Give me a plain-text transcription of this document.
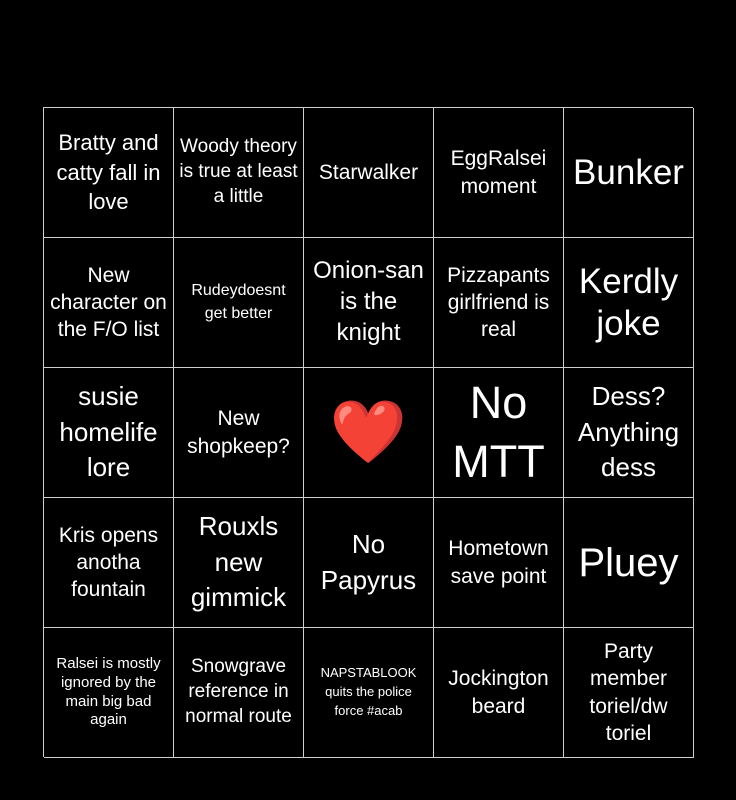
Bratty and catty fall in love
Woody theory is true at least a little
Starwalker
EggRalsei moment	Bunker
New character on the F/O list
Rudeydoesnt get better
Onion-san is the knight
Pizzapants girlfriend is real
Kerdly joke
susie homelife lore
New shopkeep? ❤️	No MTT
Dess? Anything dess
Kris opens anotha fountain
Rouxls new gimmick
No Papyrus
Hometown save point Pluey
Ralsei is mostly ignored by the main big bad again
Snowgrave reference in normal route
NAPSTABLOOK quits the police force #acab
Jockington beard
Party member toriel/dw toriel
